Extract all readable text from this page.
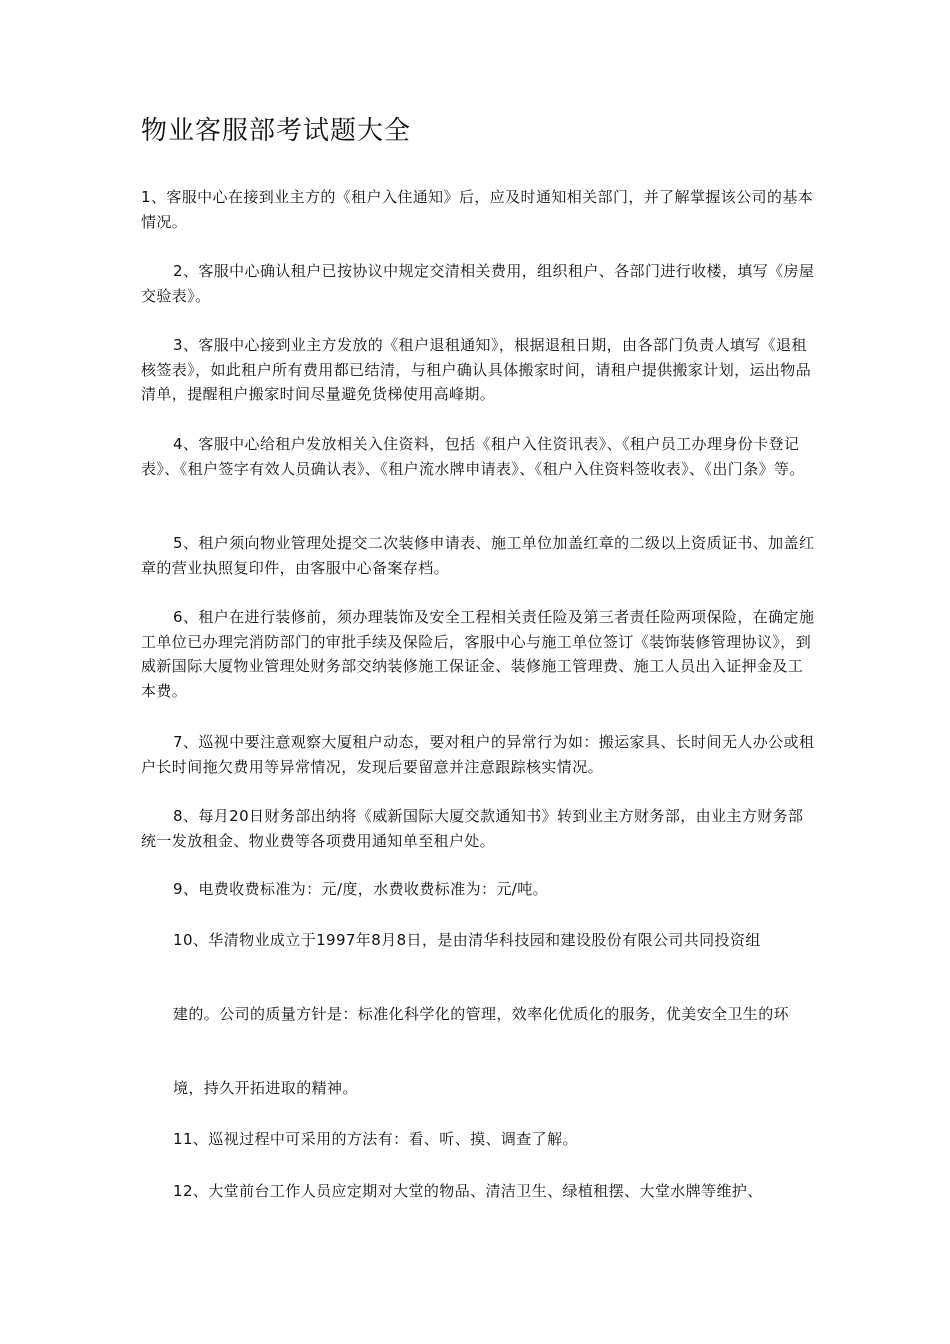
物业客服部考试题大全

1、客服中心在接到业主方的《租户入住通知》后，应及时通知相关部门，并了解掌握该公司的基本情况。

2、客服中心确认租户已按协议中规定交清相关费用，组织租户、各部门进行收楼，填写《房屋交验表》。

3、客服中心接到业主方发放的《租户退租通知》，根据退租日期，由各部门负责人填写《退租核签表》，如此租户所有费用都已结清，与租户确认具体搬家时间，请租户提供搬家计划，运出物品清单，提醒租户搬家时间尽量避免货梯使用高峰期。

4、客服中心给租户发放相关入住资料，包括《租户入住资讯表》、《租户员工办理身份卡登记表》、《租户签字有效人员确认表》、《租户流水牌申请表》、《租户入住资料签收表》、《出门条》等。

5、租户须向物业管理处提交二次装修申请表、施工单位加盖红章的二级以上资质证书、加盖红章的营业执照复印件，由客服中心备案存档。

6、租户在进行装修前，须办理装饰及安全工程相关责任险及第三者责任险两项保险，在确定施工单位已办理完消防部门的审批手续及保险后，客服中心与施工单位签订《装饰装修管理协议》，到威新国际大厦物业管理处财务部交纳装修施工保证金、装修施工管理费、施工人员出入证押金及工本费。

7、巡视中要注意观察大厦租户动态，要对租户的异常行为如：搬运家具、长时间无人办公或租户长时间拖欠费用等异常情况，发现后要留意并注意跟踪核实情况。

8、每月20日财务部出纳将《威新国际大厦交款通知书》转到业主方财务部，由业主方财务部统一发放租金、物业费等各项费用通知单至租户处。

9、电费收费标准为：元/度，水费收费标准为：元/吨。

10、华清物业成立于1997年8月8日，是由清华科技园和建设股份有限公司共同投资组

建的。公司的质量方针是：标准化科学化的管理，效率化优质化的服务，优美安全卫生的环

境，持久开拓进取的精神。

11、巡视过程中可采用的方法有：看、听、摸、调查了解。

12、大堂前台工作人员应定期对大堂的物品、清洁卫生、绿植租摆、大堂水牌等维护、
